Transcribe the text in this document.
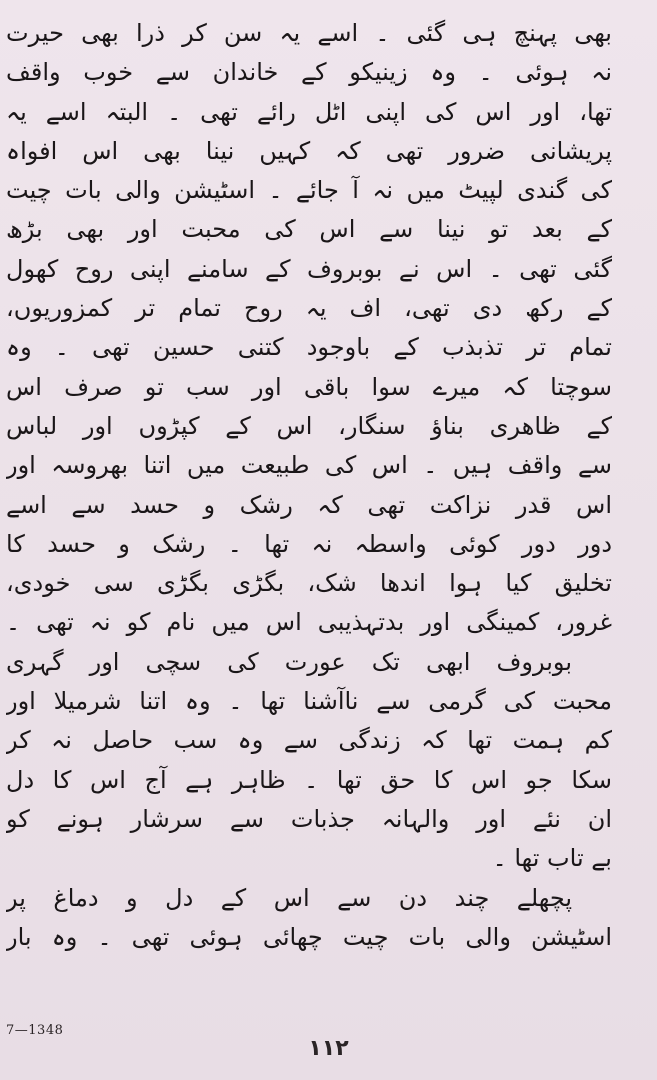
بھی پہنچ ہی گئی ۔ اسے یہ سن کر ذرا بھی حیرت
نہ ہوئی ۔ وہ زینیکو کے خاندان سے خوب واقف
تھا، اور اس کی اپنی اٹل رائے تھی ۔ البتہ اسے یہ
پریشانی ضرور تھی کہ کہیں نینا بھی اس افواہ
کی گندی لپیٹ میں نہ آ جائے ۔ اسٹیشن والی بات چیت
کے بعد تو نینا سے اس کی محبت اور بھی بڑھ
گئی تھی ۔ اس نے بوبروف کے سامنے اپنی روح کھول
کے رکھ دی تھی، اف یہ روح تمام تر کمزوریوں،
تمام تر تذبذب کے باوجود کتنی حسین تھی ۔ وہ
سوچتا کہ میرے سوا باقی اور سب تو صرف اس
کے ظاهری بناؤ سنگار، اس کے کپڑوں اور لباس
سے واقف ہیں ۔ اس کی طبیعت میں اتنا بھروسہ اور
اس قدر نزاکت تھی کہ رشک و حسد سے اسے
دور دور کوئی واسطہ نہ تھا ۔ رشک و حسد کا
تخلیق کیا ہوا اندھا شک، بگڑی بگڑی سی خودی،
غرور، کمینگی اور بدتہذیبی اس میں نام کو نہ تھی ۔
بوبروف ابھی تک عورت کی سچی اور گہری
محبت کی گرمی سے ناآشنا تھا ۔ وہ اتنا شرمیلا اور
کم ہمت تھا کہ زندگی سے وہ سب حاصل نہ کر
سکا جو اس کا حق تھا ۔ ظاہر ہے آج اس کا دل
ان نئے اور والہانہ جذبات سے سرشار ہونے کو
بے تاب تھا ۔
پچھلے چند دن سے اس کے دل و دماغ پر
اسٹیشن والی بات چیت چھائی ہوئی تھی ۔ وہ بار
7—1348
۱۱۲
